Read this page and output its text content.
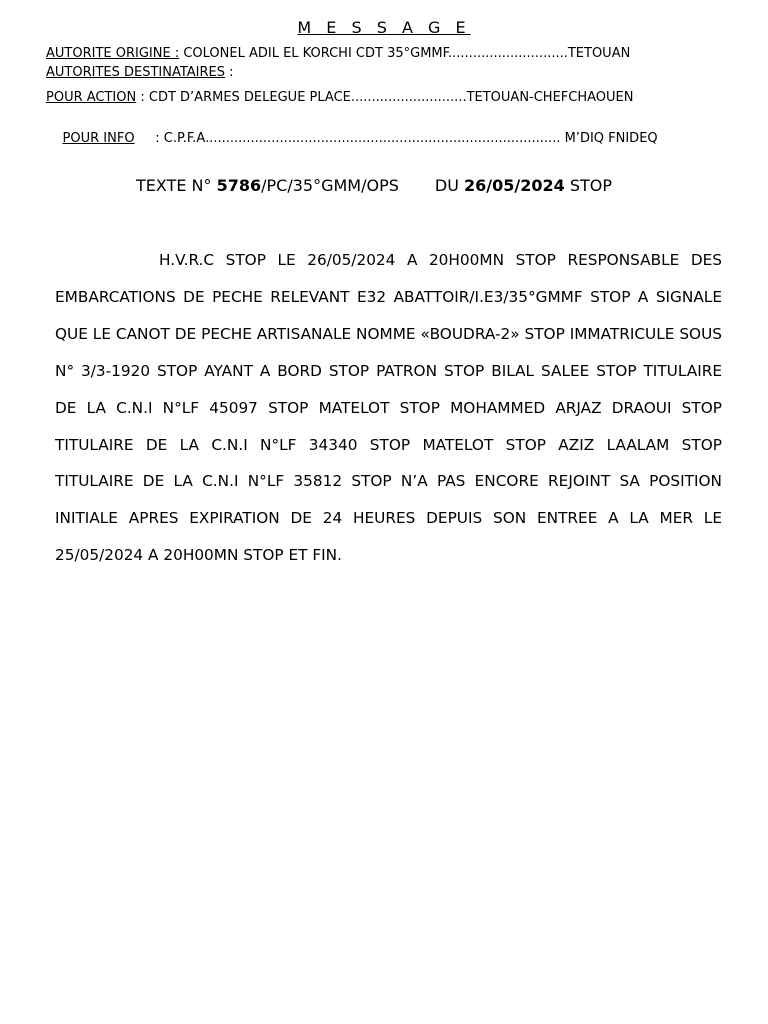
M E S S A G E
AUTORITE ORIGINE : COLONEL ADIL EL KORCHI CDT 35°GMMF.............................TETOUAN
AUTORITES DESTINATAIRES :
POUR ACTION : CDT D’ARMES DELEGUE PLACE............................TETOUAN-CHEFCHAOUEN

POUR INFO     : C.P.F.A...................................................................................... M’DIQ FNIDEQ

TEXTE N° 5786/PC/35°GMM/OPS DU 26/05/2024 STOP
H.V.R.C STOP LE 26/05/2024 A 20H00MN STOP RESPONSABLE DES EMBARCATIONS DE PECHE RELEVANT E32 ABATTOIR/I.E3/35°GMMF STOP A SIGNALE QUE LE CANOT DE PECHE ARTISANALE NOMME «BOUDRA-2» STOP IMMATRICULE SOUS N° 3/3-1920 STOP AYANT A BORD STOP PATRON STOP BILAL SALEE STOP TITULAIRE DE LA C.N.I N°LF 45097 STOP MATELOT STOP MOHAMMED ARJAZ DRAOUI STOP TITULAIRE DE LA C.N.I N°LF 34340 STOP MATELOT STOP AZIZ LAALAM STOP TITULAIRE DE LA C.N.I N°LF 35812 STOP N’A PAS ENCORE REJOINT SA POSITION INITIALE APRES EXPIRATION DE 24 HEURES DEPUIS SON ENTREE A LA MER LE 25/05/2024 A 20H00MN STOP ET FIN.
